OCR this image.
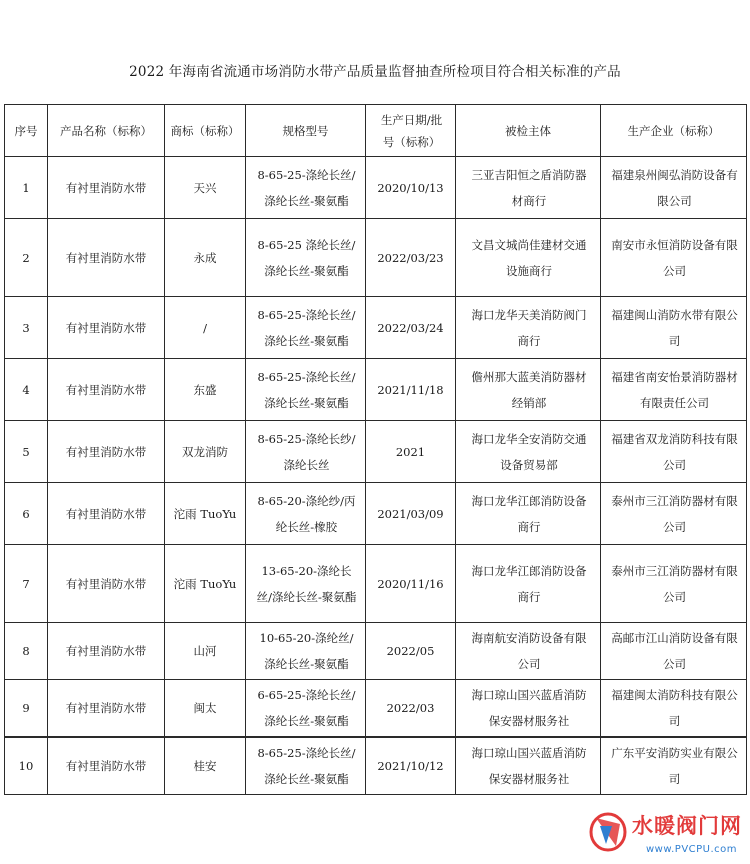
2022 年海南省流通市场消防水带产品质量监督抽查所检项目符合相关标准的产品
序号	产品名称（标称）	商标（标称）	规格型号	生产日期/批号（标称）	被检主体	生产企业（标称）
1	有衬里消防水带	天兴	8-65-25-涤纶长丝/涤纶长丝-聚氨酯	2020/10/13	三亚吉阳恒之盾消防器材商行	福建泉州闽弘消防设备有限公司
2	有衬里消防水带	永成	8-65-25 涤纶长丝/涤纶长丝-聚氨酯	2022/03/23	文昌文城尚佳建材交通设施商行	南安市永恒消防设备有限公司
3	有衬里消防水带	/	8-65-25-涤纶长丝/涤纶长丝-聚氨酯	2022/03/24	海口龙华天美消防阀门商行	福建闽山消防水带有限公司
4	有衬里消防水带	东盛	8-65-25-涤纶长丝/涤纶长丝-聚氨酯	2021/11/18	儋州那大蓝美消防器材经销部	福建省南安怡景消防器材有限责任公司
5	有衬里消防水带	双龙消防	8-65-25-涤纶长纱/涤纶长丝	2021	海口龙华全安消防交通设备贸易部	福建省双龙消防科技有限公司
6	有衬里消防水带	沱雨 TuoYu	8-65-20-涤纶纱/丙纶长丝-橡胶	2021/03/09	海口龙华江郎消防设备商行	泰州市三江消防器材有限公司
7	有衬里消防水带	沱雨 TuoYu	13-65-20-涤纶长丝/涤纶长丝-聚氨酯	2020/11/16	海口龙华江郎消防设备商行	泰州市三江消防器材有限公司
8	有衬里消防水带	山河	10-65-20-涤纶丝/涤纶长丝-聚氨酯	2022/05	海南航安消防设备有限公司	高邮市江山消防设备有限公司
9	有衬里消防水带	闽太	6-65-25-涤纶长丝/涤纶长丝-聚氨酯	2022/03	海口琼山国兴蓝盾消防保安器材服务社	福建闽太消防科技有限公司
10	有衬里消防水带	桂安	8-65-25-涤纶长丝/涤纶长丝-聚氨酯	2021/10/12	海口琼山国兴蓝盾消防保安器材服务社	广东平安消防实业有限公司
水暖阀门网
www.PVCPU.com
